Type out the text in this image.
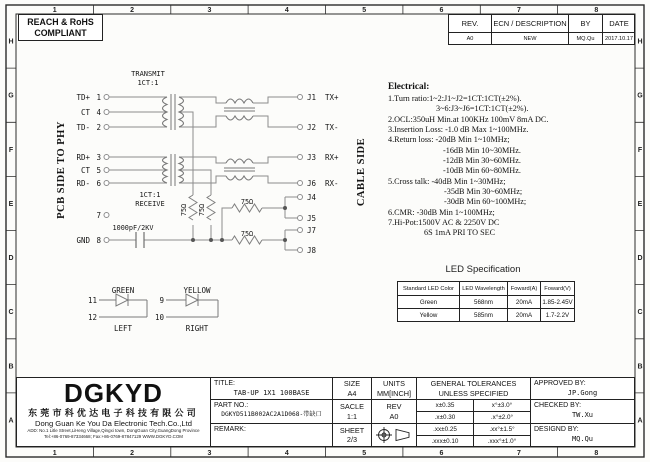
1	2	3	4	5	6	7	8
1	2	3	4	5	6	7	8
H
G
F
E
D
C
B
A
H
G
F
E
D
C
B
A
TD+ 1
CT 4
TD- 2
RD+ 3
CT 5
RD- 6
7
GND 8
J1 TX+
J2 TX-
J3 RX+
J6 RX-
J4
J5
J7
J8
TRANSMIT
1CT:1
1CT:1
RECEIVE
1000pF/2KV
75Ω 75Ω
75Ω
75Ω
PCB SIDE TO PHY	CABLE SIDE
GREEN
11
12
LEFT
YELLOW
9
10
RIGHT
REACH & RoHS
COMPLIANT
REV.	ECN / DESCRIPTION	BY	DATE
A0	NEW	MQ.Qu	2017.10.17
Electrical:
1.Turn ratio:1~2:J1~J2=1CT:1CT(±2%).
3~6:J3~J6=1CT:1CT(±2%).
2.OCL:350uH Min.at 100KHz 100mV 8mA DC.
3.Insertion Loss: -1.0 dB Max 1~100MHz.
4.Return loss: -20dB Min 1~10MHz;
-16dB Min 10~30MHz.
-12dB Min 30~60MHz.
-10dB Min 60~80MHz.
5.Cross talk: -40dB Min 1~30MHz;
-35dB Min 30~60MHz;
-30dB Min 60~100MHz;
6.CMR: -30dB Min 1~100MHz;
7.Hi-Pot:1500V AC & 2250V DC
6S 1mA PRI TO SEC
LED Specification
Standard LED Color	LED Wavelength	Foward(A)	Foward(V)
Green	568nm	20mA	1.85-2.45V
Yellow	585nm	20mA	1.7-2.2V
DGKYD
东莞市科优达电子科技有限公司
Dong Guan Ke You Da Electronic Tech.Co.,Ltd
ADD: No.1 Litle Street,LiHeng Village,Qingxi town, DongGuan City,GuangDong Province
Tel:+86-0769-87334668; Fax:+86-0769-87847129 WWW.DGKYD.COM
TITLE:
TAB-UP 1X1 100BASE
PART NO.:
DGKYD511B002AC2A1D068-带缺口
REMARK:
SIZE
A4
SACLE
1:1
SHEET
2/3
UNITS
MM[INCH]
REV
A0
GENERAL TOLERANCES
UNLESS SPECIFIED
x±0.35	x°±3.0°
.x±0.30	.x°±2.0°
.xx±0.25	.xx°±1.5°
.xxx±0.10	.xxx°±1.0°
APPROVED BY:
JP.Gong
CHECKED BY:
TW.Xu
DESIGND BY:
MQ.Qu
